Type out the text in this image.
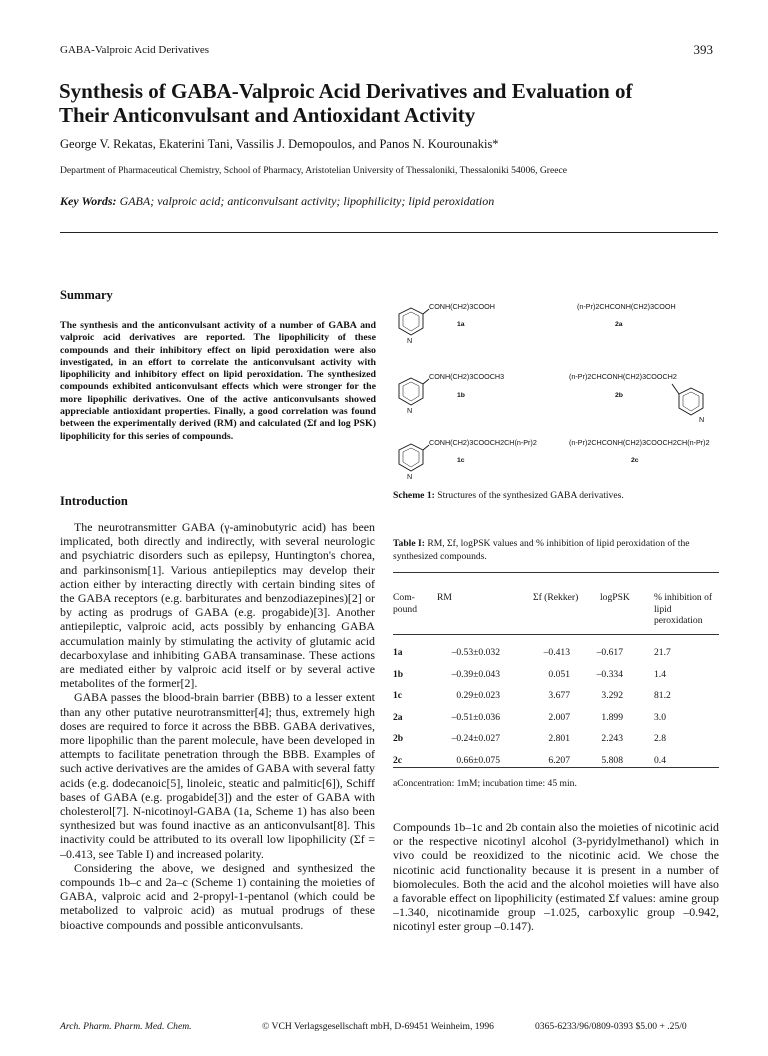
GABA-Valproic Acid Derivatives	393
Synthesis of GABA-Valproic Acid Derivatives and Evaluation of
Their Anticonvulsant and Antioxidant Activity
George V. Rekatas, Ekaterini Tani, Vassilis J. Demopoulos, and Panos N. Kourounakis*
Department of Pharmaceutical Chemistry, School of Pharmacy, Aristotelian University of Thessaloniki, Thessaloniki 54006, Greece
Key Words: GABA; valproic acid; anticonvulsant activity; lipophilicity; lipid peroxidation
Summary
The synthesis and the anticonvulsant activity of a number of GABA and valproic acid derivatives are reported. The lipophilicity of these compounds and their inhibitory effect on lipid peroxidation were also investigated, in an effort to correlate the anticonvulsant activity with lipophilicity and inhibitory effect on lipid peroxidation. The synthesized compounds exhibited anticonvulsant effects which were stronger for the more lipophilic derivatives. One of the active anticonvulsants showed appreciable antioxidant properties. Finally, a good correlation was found between the experimentally derived (RM) and calculated (Σf and log PSK) lipophilicity for this series of compounds.
Introduction

The neurotransmitter GABA (γ-aminobutyric acid) has been implicated, both directly and indirectly, with several neurologic and psychiatric disorders such as epilepsy, Huntington's chorea, and parkinsonism[1]. Various antiepileptics may develop their action either by interacting directly with certain binding sites of the GABA receptors (e.g. barbiturates and benzodiazepines)[2] or by acting as prodrugs of GABA (e.g. progabide)[3]. Another antiepileptic, valproic acid, acts possibly by enhancing GABA accumulation mainly by stimulating the activity of glutamic acid decarboxylase and inhibiting GABA transaminase. These actions are mediated either by valproic acid itself or by several active metabolites of the former[2].

GABA passes the blood-brain barrier (BBB) to a lesser extent than any other putative neurotransmitter[4]; thus, extremely high doses are required to force it across the BBB. GABA derivatives, more lipophilic than the parent molecule, have been developed in attempts to facilitate penetration through the BBB. Examples of such active derivatives are the amides of GABA with several fatty acids (e.g. dodecanoic[5], linoleic, steatic and palmitic[6]), Schiff bases of GABA (e.g. progabide[3]) and the ester of GABA with cholesterol[7]. N-nicotinoyl-GABA (1a, Scheme 1) has also been synthesized but was found inactive as an anticonvulsant[8]. This inactivity could be attributed to its overall low lipophilicity (Σf = –0.413, see Table I) and increased polarity.

Considering the above, we designed and synthesized the compounds 1b–c and 2a–c (Scheme 1) containing the moieties of GABA, valproic acid and 2-propyl-1-pentanol (which could be metabolized to valproic acid) as mutual prodrugs of these bioactive compounds and possible anticonvulsants.

N
N
N
N
CONH(CH2)3COOH
1a
(n-Pr)2CHCONH(CH2)3COOH
2a
CONH(CH2)3COOCH3
1b
(n-Pr)2CHCONH(CH2)3COOCH2
2b
CONH(CH2)3COOCH2CH(n-Pr)2
1c
(n-Pr)2CHCONH(CH2)3COOCH2CH(n-Pr)2
2c
Scheme 1: Structures of the synthesized GABA derivatives.
Table I: RM, Σf, logPSK values and % inhibition of lipid peroxidation of the synthesized compounds.
Com- pound
RM	Σf (Rekker)	logPSK	% inhibition of lipid peroxidation
1a	–0.53±0.032	–0.413	–0.617	21.7
1b	–0.39±0.043	0.051	–0.334	1.4
1c	0.29±0.023	3.677	3.292	81.2
2a	–0.51±0.036	2.007	1.899	3.0
2b	–0.24±0.027	2.801	2.243	2.8
2c	0.66±0.075	6.207	5.808	0.4
aConcentration: 1mM; incubation time: 45 min.
Compounds 1b–1c and 2b contain also the moieties of nicotinic acid or the respective nicotinyl alcohol (3-pyridylmethanol) which in vivo could be reoxidized to the nicotinic acid. We chose the nicotinic acid functionality because it is present in a number of biomolecules. Both the acid and the alcohol moieties will have also a favorable effect on lipophilicity (estimated Σf values: amine group –1.340, nicotinamide group –1.025, carboxylic group –0.942, nicotinyl ester group –0.147).
Arch. Pharm. Pharm. Med. Chem.	© VCH Verlagsgesellschaft mbH, D-69451 Weinheim, 1996	0365-6233/96/0809-0393 $5.00 + .25/0
